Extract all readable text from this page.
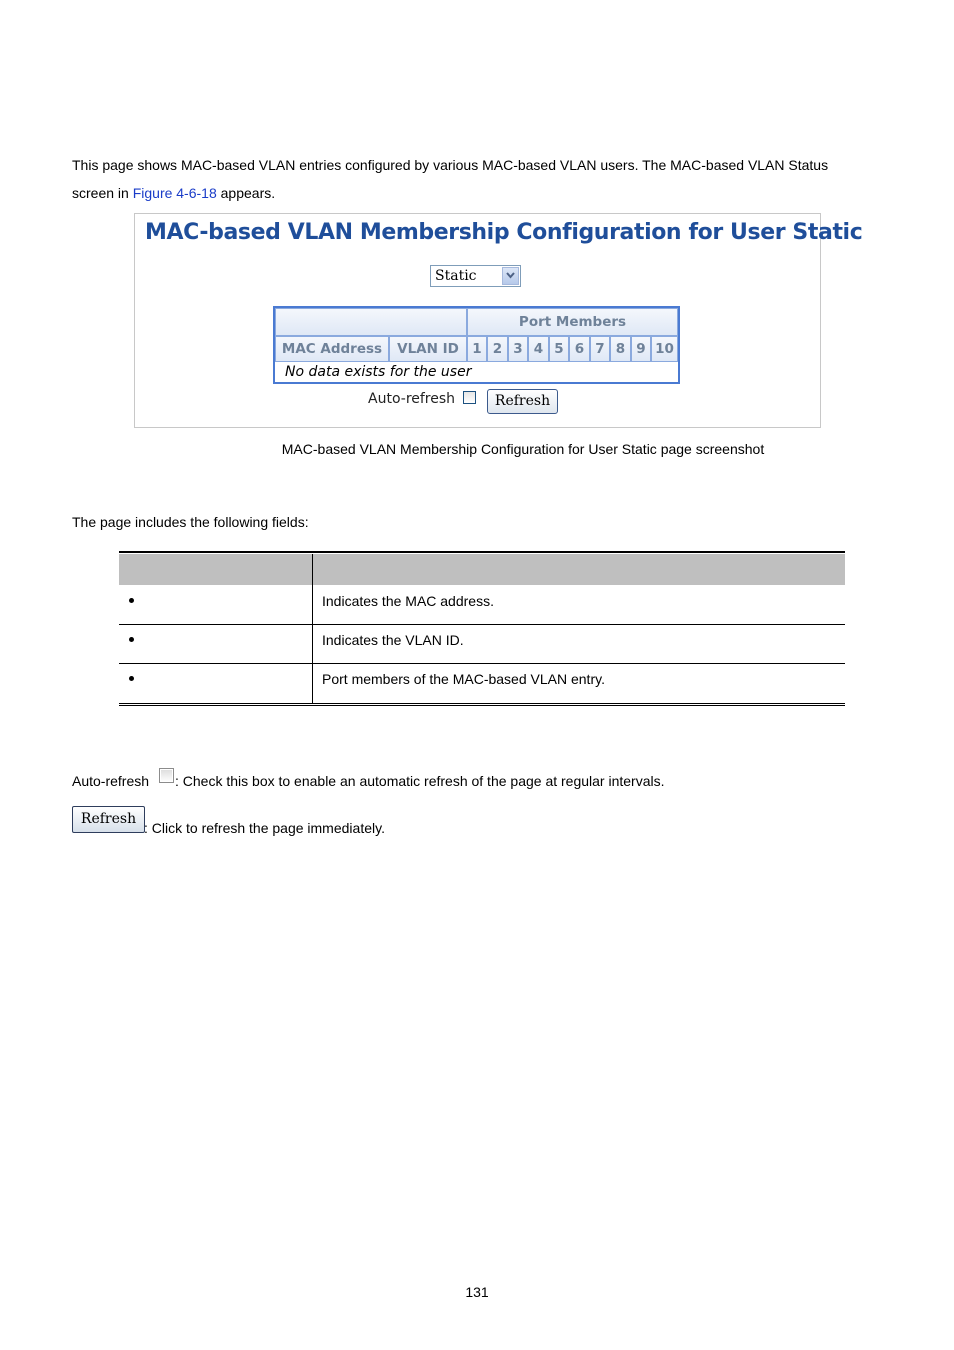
This page shows MAC-based VLAN entries configured by various MAC-based VLAN users. The MAC-based VLAN Status screen in Figure 4-6-18 appears.
MAC-based VLAN Membership Configuration for User Static
Static
Port Members
MAC Address	VLAN ID 1 2 3 4 5 6 7 8 9 10
No data exists for the user
Auto-refresh	Refresh
MAC-based VLAN Membership Configuration for User Static page screenshot
The page includes the following fields:
Indicates the MAC address.
Indicates the VLAN ID.
Port members of the MAC-based VLAN entry.
Auto-refresh : Check this box to enable an automatic refresh of the page at regular intervals.
Refresh
: Click to refresh the page immediately.
131
